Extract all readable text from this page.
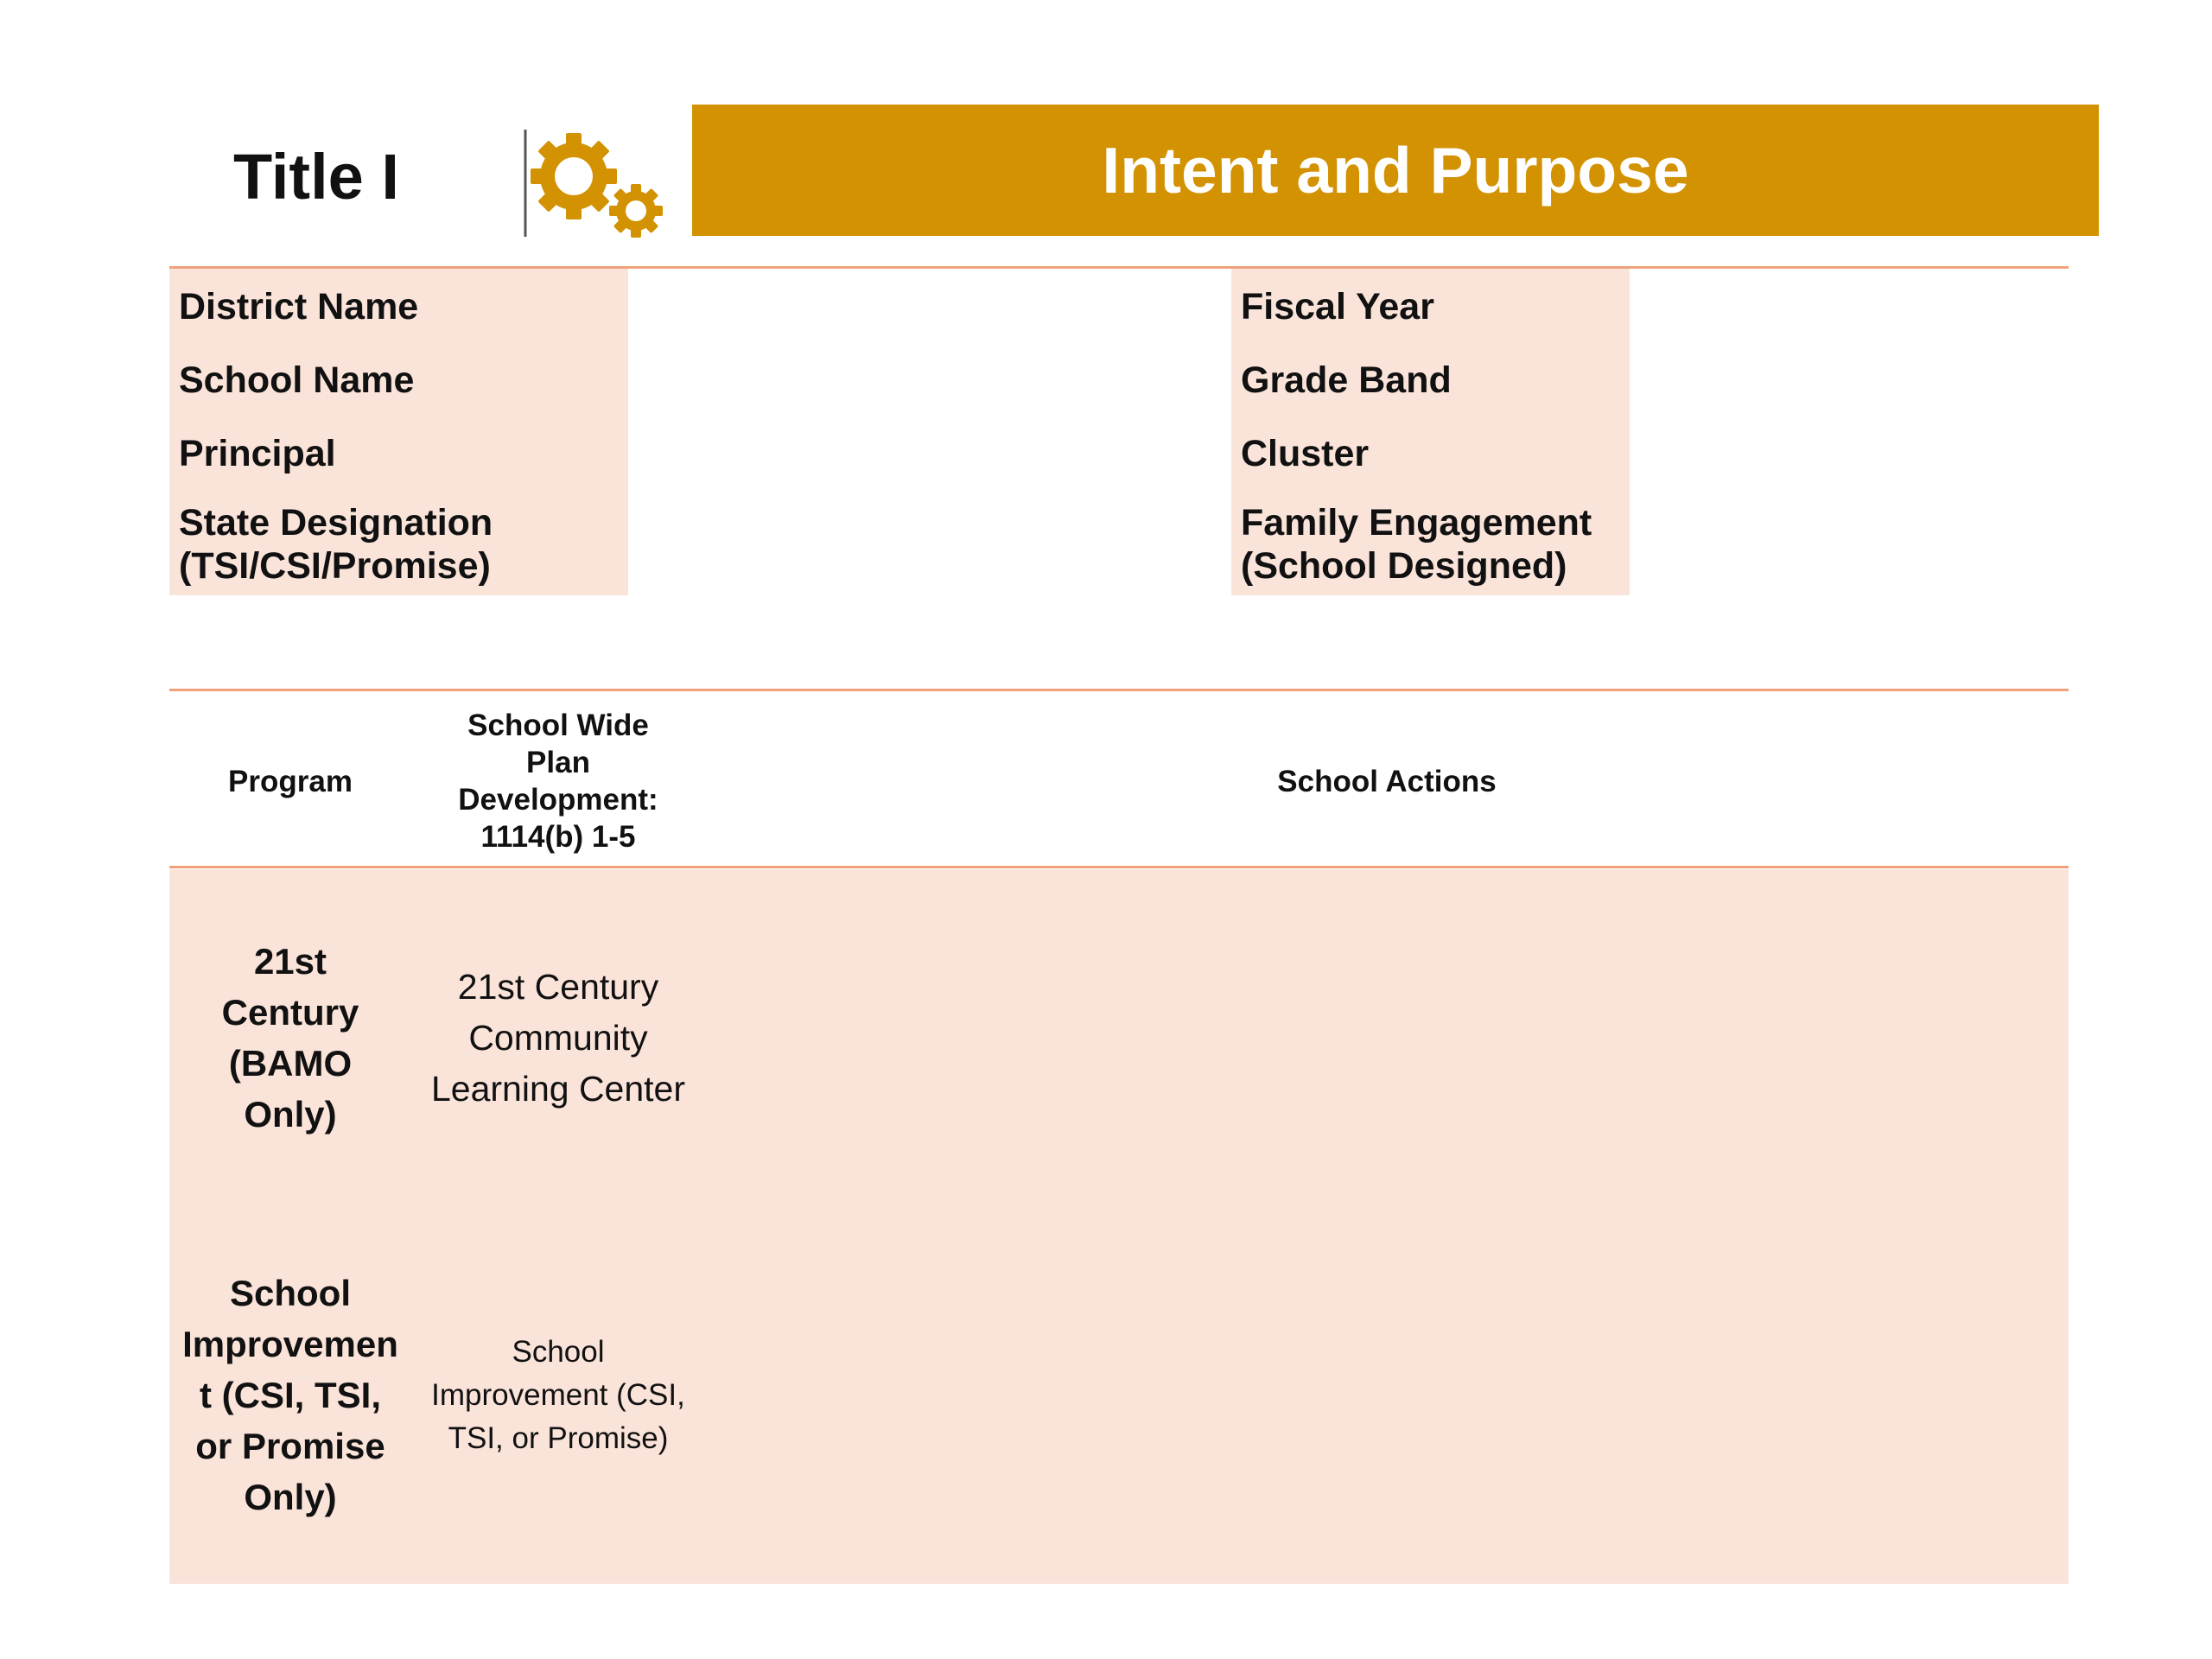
Title I	Intent and Purpose
District Name
School Name
Principal
State Designation
(TSI/CSI/Promise)
Fiscal Year
Grade Band
Cluster
Family Engagement
(School Designed)
Program
School Wide
Plan
Development:
1114(b) 1-5
School Actions
21st
Century
(BAMO
Only)
21st Century
Community
Learning Center
School
Improvemen
t (CSI, TSI,
or Promise
Only)
School
Improvement (CSI,
TSI, or Promise)
